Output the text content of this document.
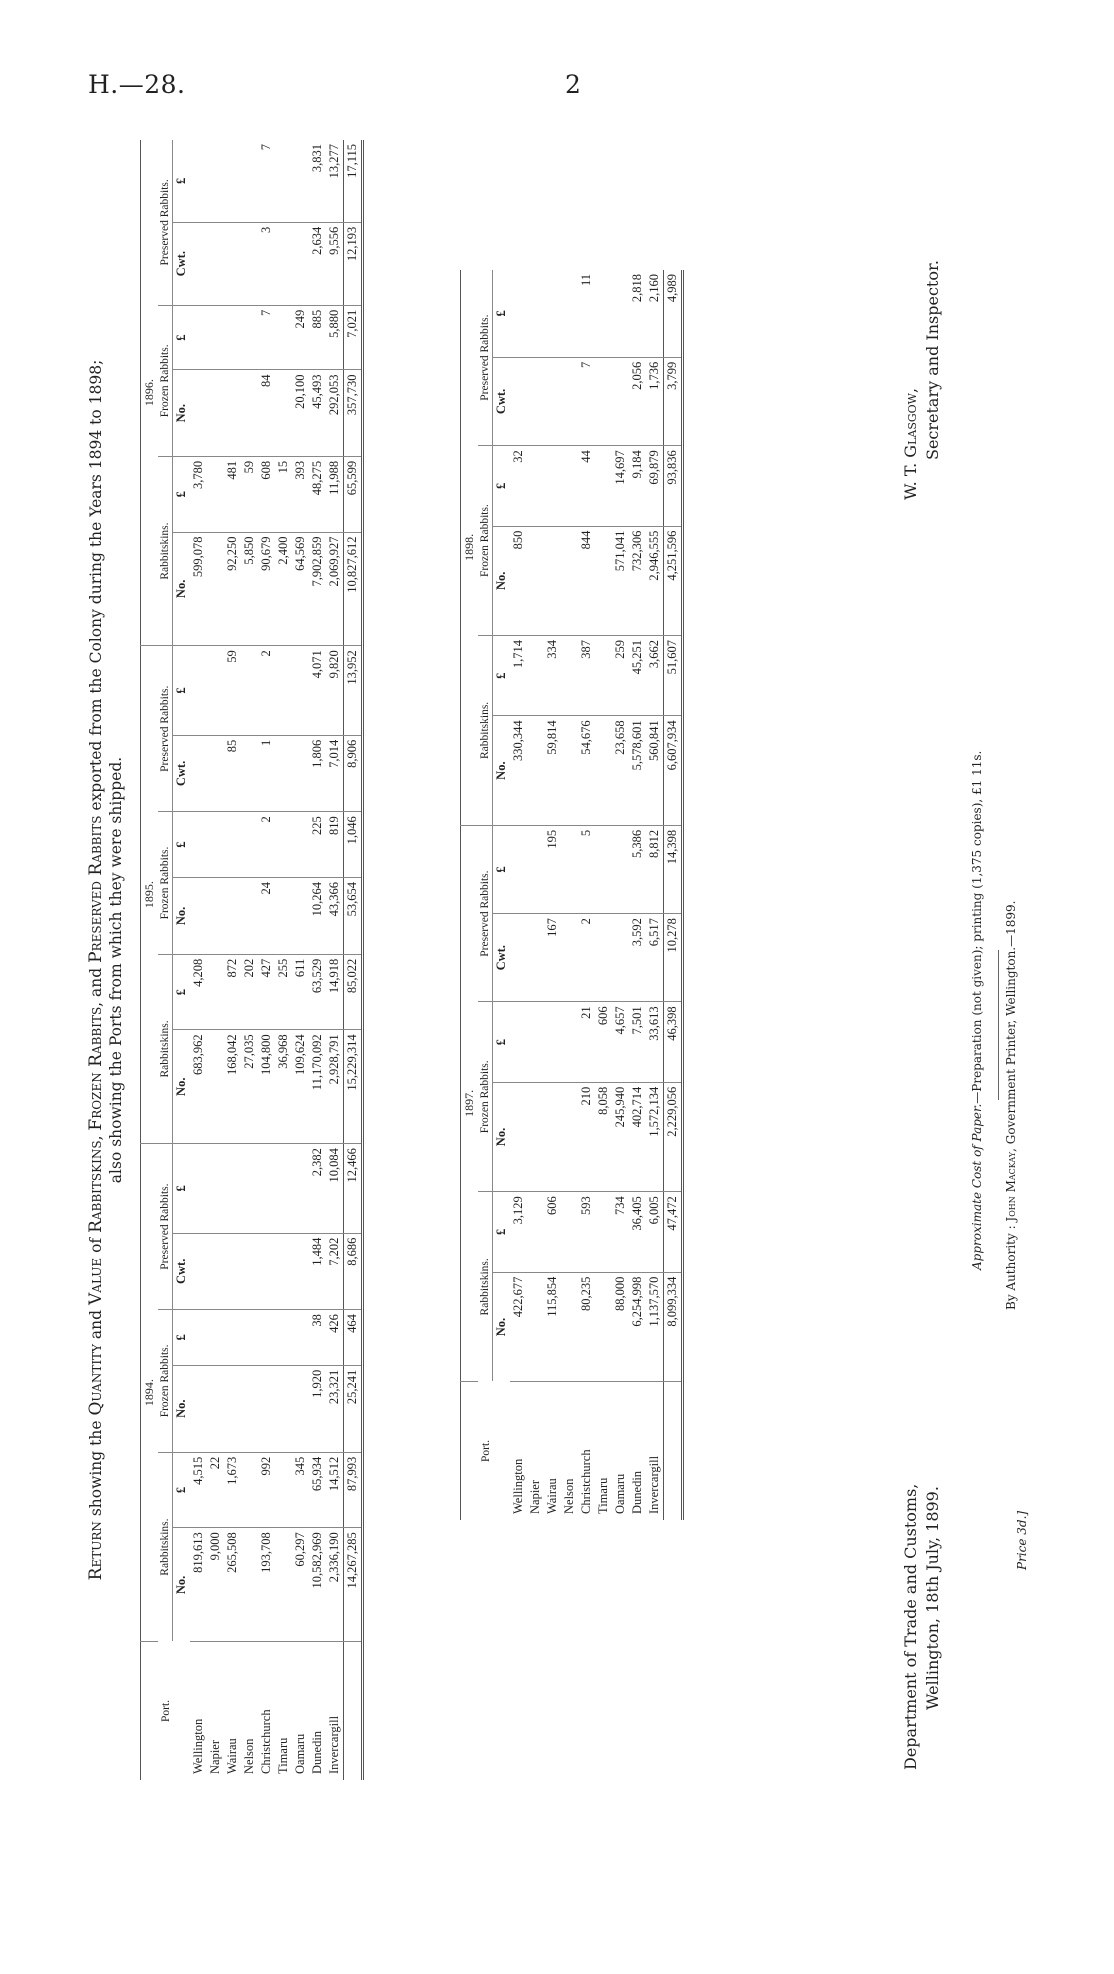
H.—28.	2
Return showing the Quantity and Value of Rabbitskins, Frozen Rabbits, and Preserved Rabbits exported from the Colony during the Years 1894 to 1898;
also showing the Ports from which they were shipped.
Port.	1894.						1895.						1896.					
	Rabbitskins.		Frozen Rabbits.		Preserved Rabbits.		Rabbitskins.		Frozen Rabbits.		Preserved Rabbits.		Rabbitskins.		Frozen Rabbits.		Preserved Rabbits.	
	No.	£	No.	£	Cwt.	£	No.	£	No.	£	Cwt.	£	No.	£	No.	£	Cwt.	£
Wellington	819,613	4,515					683,962	4,208					599,078	3,780				
Napier	9,000	22																
Wairau	265,508	1,673					168,042	872			85	59	92,250	481				
Nelson							27,035	202					5,850	59				
Christchurch	193,708	992					104,800	427	24	2	1	2	90,679	608	84	7	3	7
Timaru							36,968	255					2,400	15				
Oamaru	60,297	345					109,624	611					64,569	393	20,100	249		
Dunedin	10,582,969	65,934	1,920	38	1,484	2,382	11,170,092	63,529	10,264	225	1,806	4,071	7,902,859	48,275	45,493	885	2,634	3,831
Invercargill	2,336,190	14,512	23,321	426	7,202	10,084	2,928,791	14,918	43,366	819	7,014	9,820	2,069,927	11,988	292,053	5,880	9,556	13,277
	14,267,285	87,993	25,241	464	8,686	12,466	15,229,314	85,022	53,654	1,046	8,906	13,952	10,827,612	65,599	357,730	7,021	12,193	17,115
Port.	1897.						1898.					
	Rabbitskins.		Frozen Rabbits.		Preserved Rabbits.		Rabbitskins.		Frozen Rabbits.		Preserved Rabbits.	
	No.	£	No.	£	Cwt.	£	No.	£	No.	£	Cwt.	£
Wellington	422,677	3,129					330,344	1,714	850	32		
Napier												
Wairau	115,854	606			167	195	59,814	334				
Nelson												
Christchurch	80,235	593	210	21	2	5	54,676	387	844	44	7	11
Timaru			8,058	606								
Oamaru	88,000	734	245,940	4,657			23,658	259	571,041	14,697		
Dunedin	6,254,998	36,405	402,714	7,501	3,592	5,386	5,578,601	45,251	732,306	9,184	2,056	2,818
Invercargill	1,137,570	6,005	1,572,134	33,613	6,517	8,812	560,841	3,662	2,946,555	69,879	1,736	2,160
	8,099,334	47,472	2,229,056	46,398	10,278	14,398	6,607,934	51,607	4,251,596	93,836	3,799	4,989
Department of Trade and Customs, Wellington, 18th July, 1899.
W. T. Glasgow, Secretary and Inspector.
Approximate Cost of Paper.—Preparation (not given); printing (1,375 copies), £1 11s.
By Authority : John Mackay, Government Printer, Wellington.—1899.
Price 3d.]
